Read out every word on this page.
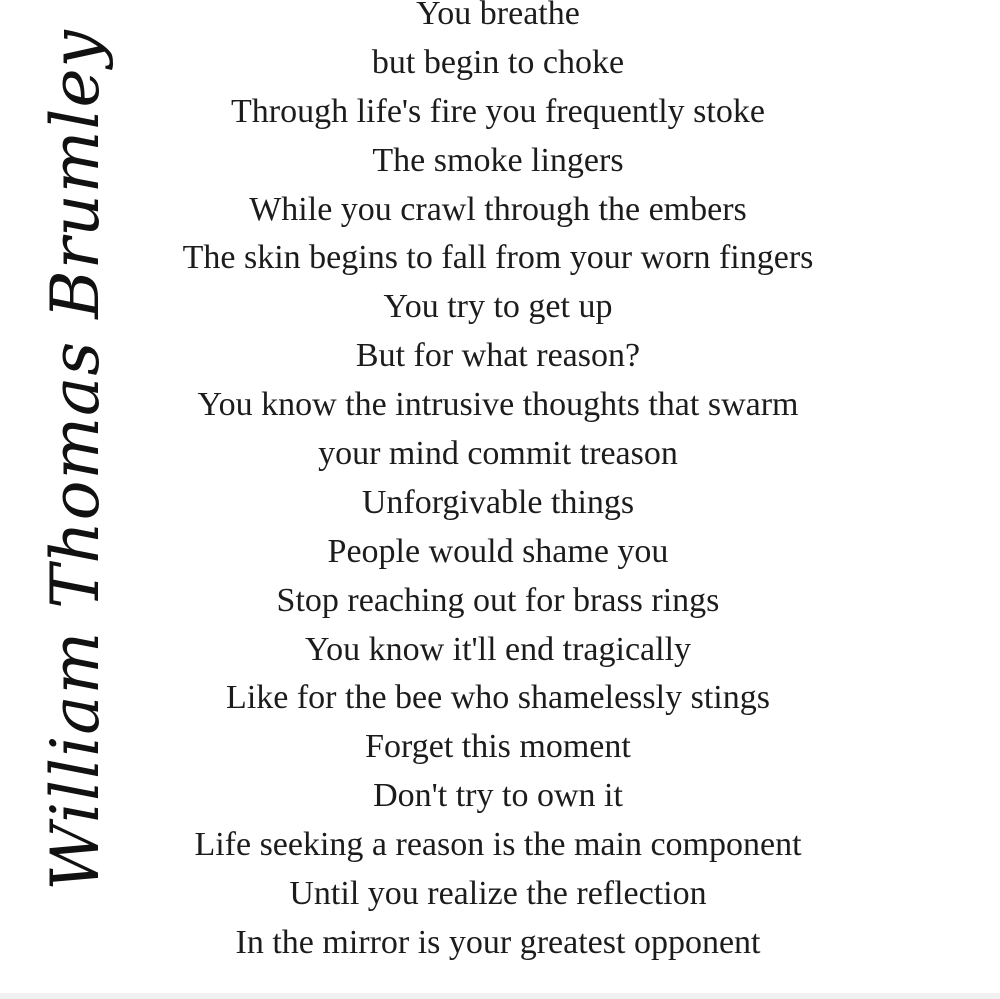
William Thomas Brumley
You breathe
but begin to choke
Through life's fire you frequently stoke
The smoke lingers
While you crawl through the embers
The skin begins to fall from your worn fingers
You try to get up
But for what reason?
You know the intrusive thoughts that swarm
your mind commit treason
Unforgivable things
People would shame you
Stop reaching out for brass rings
You know it'll end tragically
Like for the bee who shamelessly stings
Forget this moment
Don't try to own it
Life seeking a reason is the main component
Until you realize the reflection
In the mirror is your greatest opponent
